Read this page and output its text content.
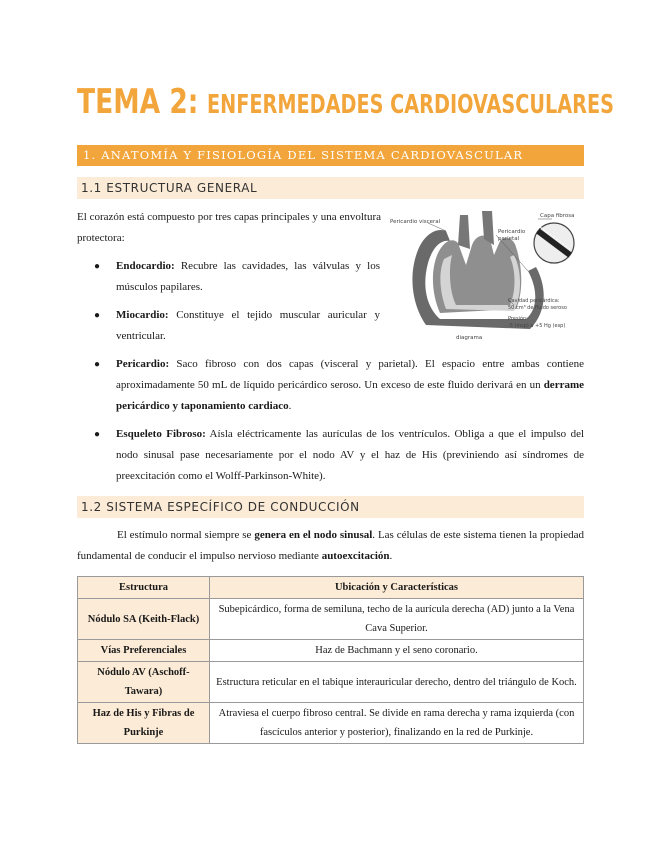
TEMA 2: ENFERMEDADES CARDIOVASCULARES
1. ANATOMÍA Y FISIOLOGÍA DEL SISTEMA CARDIOVASCULAR
1.1 ESTRUCTURA GENERAL
El corazón está compuesto por tres capas principales y una envoltura protectora:
● Endocardio: Recubre las cavidades, las válvulas y los músculos papilares.
● Miocardio: Constituye el tejido muscular auricular y ventricular.
● Pericardio: Saco fibroso con dos capas (visceral y parietal). El espacio entre ambas contiene aproximadamente 50 mL de líquido pericárdico seroso. Un exceso de este fluido derivará en un derrame pericárdico y taponamiento cardiaco.
● Esqueleto Fibroso: Aísla eléctricamente las aurículas de los ventrículos. Obliga a que el impulso del nodo sinusal pase necesariamente por el nodo AV y el haz de His (previniendo así síndromes de preexcitación como el Wolff-Parkinson-White).
Pericardio visceral
Capa fibrosa
Pericardio
parietal
Cavidad pericárdica:
50 cm³ de fluido seroso
Presión:
-5 (insp) a +5 Hg (esp)
diagrama
1.2 SISTEMA ESPECÍFICO DE CONDUCCIÓN
El estímulo normal siempre se genera en el nodo sinusal. Las células de este sistema tienen la propiedad fundamental de conducir el impulso nervioso mediante autoexcitación.
Estructura	Ubicación y Características
Nódulo SA (Keith-Flack)	Subepicárdico, forma de semiluna, techo de la aurícula derecha (AD) junto a la Vena Cava Superior.
Vías Preferenciales	Haz de Bachmann y el seno coronario.
Nódulo AV (Aschoff-Tawara)	Estructura reticular en el tabique interauricular derecho, dentro del triángulo de Koch.
Haz de His y Fibras de Purkinje	Atraviesa el cuerpo fibroso central. Se divide en rama derecha y rama izquierda (con fascículos anterior y posterior), finalizando en la red de Purkinje.
